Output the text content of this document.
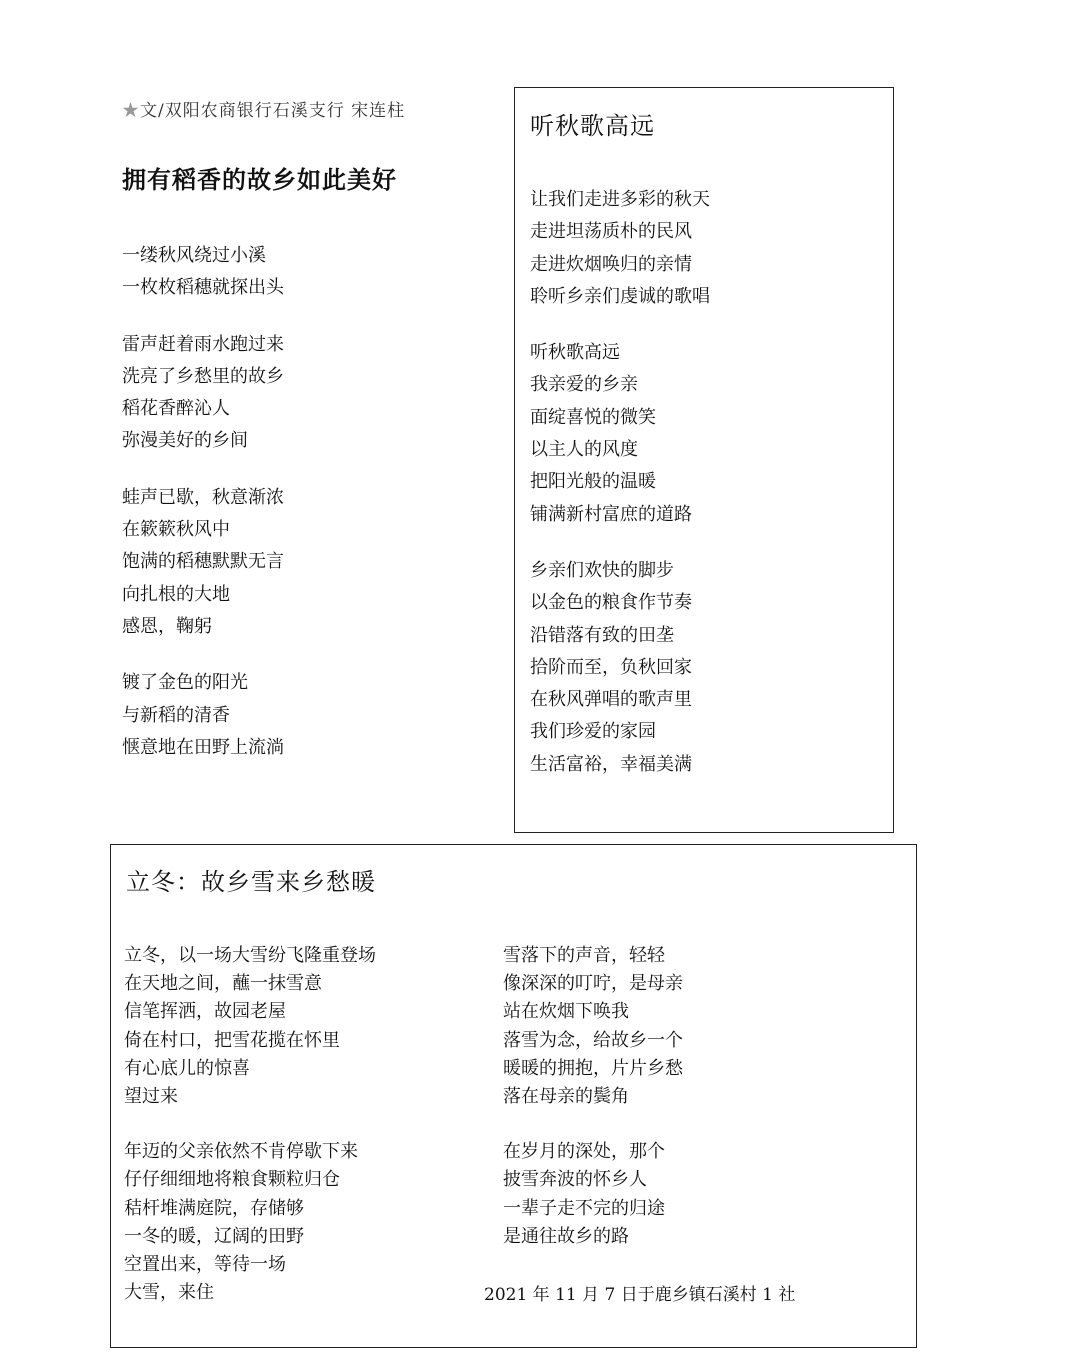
★文/双阳农商银行石溪支行 宋连柱
拥有稻香的故乡如此美好
一缕秋风绕过小溪
一枚枚稻穗就探出头
雷声赶着雨水跑过来
洗亮了乡愁里的故乡
稻花香醉沁人
弥漫美好的乡间
蛙声已歇，秋意渐浓
在簌簌秋风中
饱满的稻穗默默无言
向扎根的大地
感恩，鞠躬
镀了金色的阳光
与新稻的清香
惬意地在田野上流淌
听秋歌高远
让我们走进多彩的秋天
走进坦荡质朴的民风
走进炊烟唤归的亲情
聆听乡亲们虔诚的歌唱
听秋歌高远
我亲爱的乡亲
面绽喜悦的微笑
以主人的风度
把阳光般的温暖
铺满新村富庶的道路
乡亲们欢快的脚步
以金色的粮食作节奏
沿错落有致的田垄
拾阶而至，负秋回家
在秋风弹唱的歌声里
我们珍爱的家园
生活富裕，幸福美满
立冬：故乡雪来乡愁暖
立冬，以一场大雪纷飞隆重登场
在天地之间，蘸一抹雪意
信笔挥洒，故园老屋
倚在村口，把雪花揽在怀里
有心底儿的惊喜
望过来
年迈的父亲依然不肯停歇下来
仔仔细细地将粮食颗粒归仓
秸杆堆满庭院，存储够
一冬的暖，辽阔的田野
空置出来，等待一场
大雪，来住
雪落下的声音，轻轻
像深深的叮咛，是母亲
站在炊烟下唤我
落雪为念，给故乡一个
暖暖的拥抱，片片乡愁
落在母亲的鬓角
在岁月的深处，那个
披雪奔波的怀乡人
一辈子走不完的归途
是通往故乡的路
2021 年 11 月 7 日于鹿乡镇石溪村 1 社
